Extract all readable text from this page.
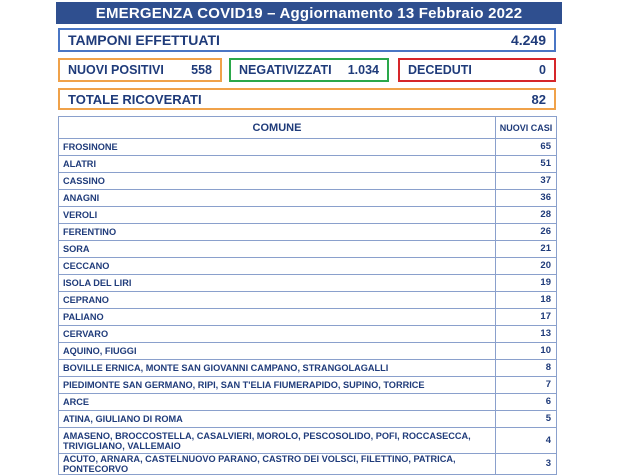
EMERGENZA COVID19 – Aggiornamento 13 Febbraio 2022
TAMPONI EFFETTUATI	4.249
NUOVI POSITIVI 558 NEGATIVIZZATI 1.034 DECEDUTI	0
TOTALE RICOVERATI	82
COMUNE	NUOVI CASI
FROSINONE	65
ALATRI	51
CASSINO	37
ANAGNI	36
VEROLI	28
FERENTINO	26
SORA	21
CECCANO	20
ISOLA DEL LIRI	19
CEPRANO	18
PALIANO	17
CERVARO	13
AQUINO, FIUGGI	10
BOVILLE ERNICA, MONTE SAN GIOVANNI CAMPANO, STRANGOLAGALLI	8
PIEDIMONTE SAN GERMANO, RIPI, SAN T'ELIA FIUMERAPIDO, SUPINO, TORRICE	7
ARCE	6
ATINA, GIULIANO DI ROMA	5
AMASENO, BROCCOSTELLA, CASALVIERI, MOROLO, PESCOSOLIDO, POFI, ROCCASECCA, TRIVIGLIANO, VALLEMAIO	4
ACUTO, ARNARA, CASTELNUOVO PARANO, CASTRO DEI VOLSCI, FILETTINO, PATRICA, PONTECORVO	3
